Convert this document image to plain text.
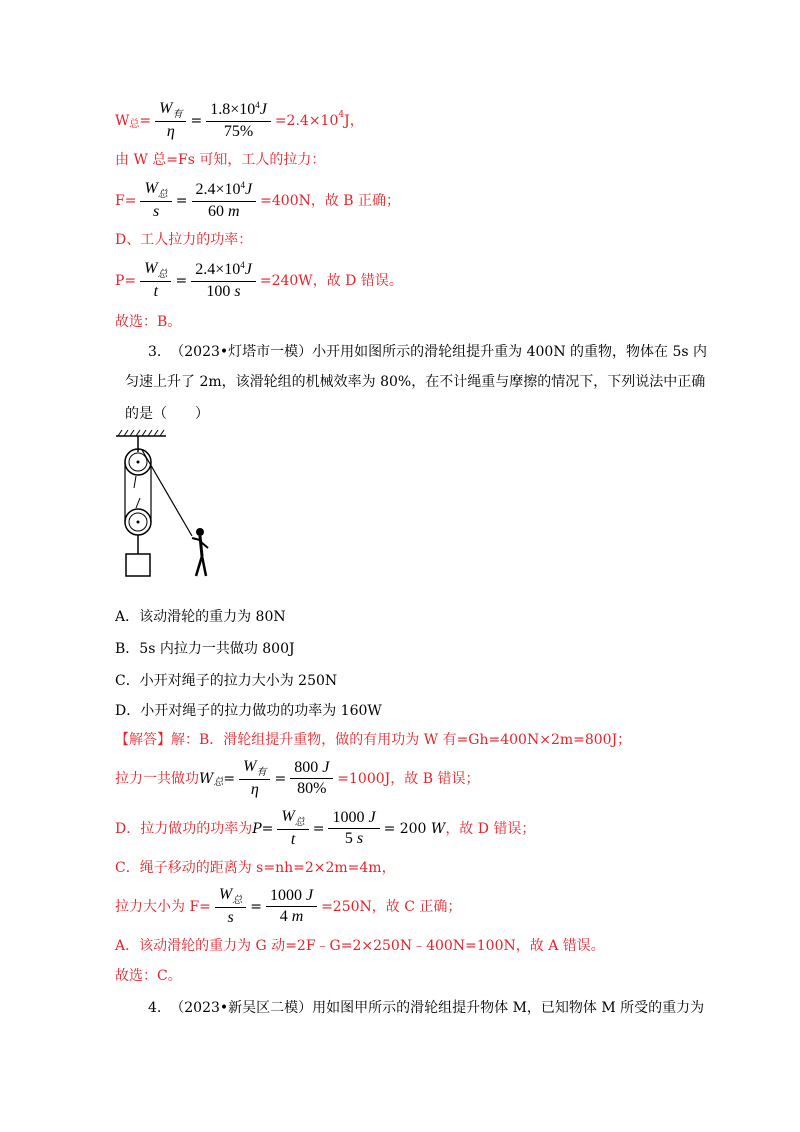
W 总 = $\frac{W_有}{\eta} = \frac{1.8\times 10^4J}{75\%} =2.4\times 10$ 4 J，
由 W 总=Fs 可知，工人的拉力：
$F= \frac{W_总}{s} = \frac{2.4\times 10^4J}{60 m} =400N$，故 B 正确；
D、工人拉力的功率：
$P= \frac{W_总}{t} = \frac{2.4\times 10^4J}{100 s} =240W$，故 D 错误。
故选：B。
3. （2023•灯塔市一模）小开用如图所示的滑轮组提升重为 400N 的重物，物体在 5s 内
匀速上升了 2m，该滑轮组的机械效率为 80%，在不计绳重与摩擦的情况下，下列说法中正确
的是（　　）
A．该动滑轮的重力为 80N
B．5s 内拉力一共做功 800J
C．小开对绳子的拉力大小为 250N
D．小开对绳子的拉力做功的功率为 160W
【解答】解：B．滑轮组提升重物，做的有用功为 W 有=Gh=400N×2m=800J；
拉力一共做功 W 总 = $\frac{W_有}{\eta} = \frac{800 J}{80\%} =1000J$，故 B 错误；
D．拉力做功的功率为 $P = \frac{W_总}{t} = \frac{1000 J}{5 s} = 200$
W ，故 D 错误；
C．绳子移动的距离为 s=nh=2×2m=4m，
拉力大小为 $F= \frac{W_总}{s} = \frac{1000 J}{4 m} =250N$，故 C 正确；
A．该动滑轮的重力为 G 动=2F﹣G=2×250N﹣400N=100N，故 A 错误。
故选：C。
4. （2023•新吴区二模）用如图甲所示的滑轮组提升物体 M，已知物体 M 所受的重力为
